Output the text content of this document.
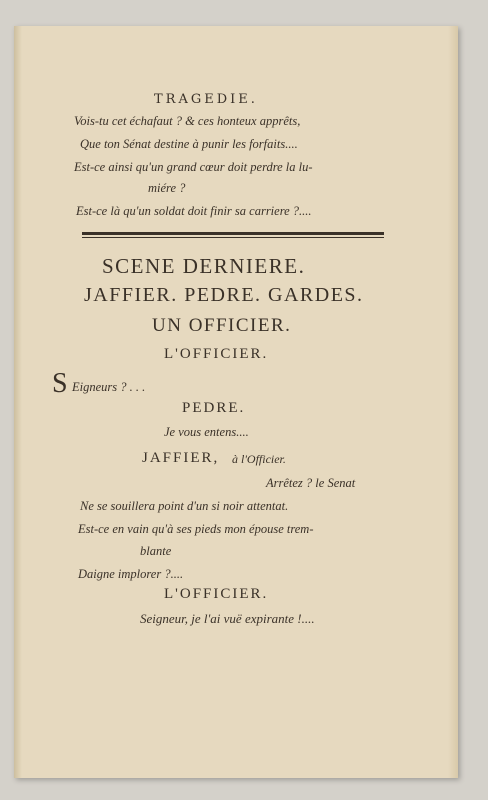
TRAGEDIE.
Vois-tu cet échafaut ? & ces honteux apprêts,
Que ton Sénat destine à punir les forfaits....
Est-ce ainsi qu'un grand cœur doit perdre la lu-
miére ?
Est-ce là qu'un soldat doit finir sa carriere ?....
SCENE DERNIERE.
JAFFIER. PEDRE. GARDES.
UN OFFICIER.
L'OFFICIER.
S Eigneurs ? . . .
PEDRE.
Je vous entens....
JAFFIER, à l'Officier.
Arrêtez ? le Senat
Ne se souillera point d'un si noir attentat.
Est-ce en vain qu'à ses pieds mon épouse trem-
blante
Daigne implorer ?....
L'OFFICIER.
Seigneur, je l'ai vuë expirante !....
